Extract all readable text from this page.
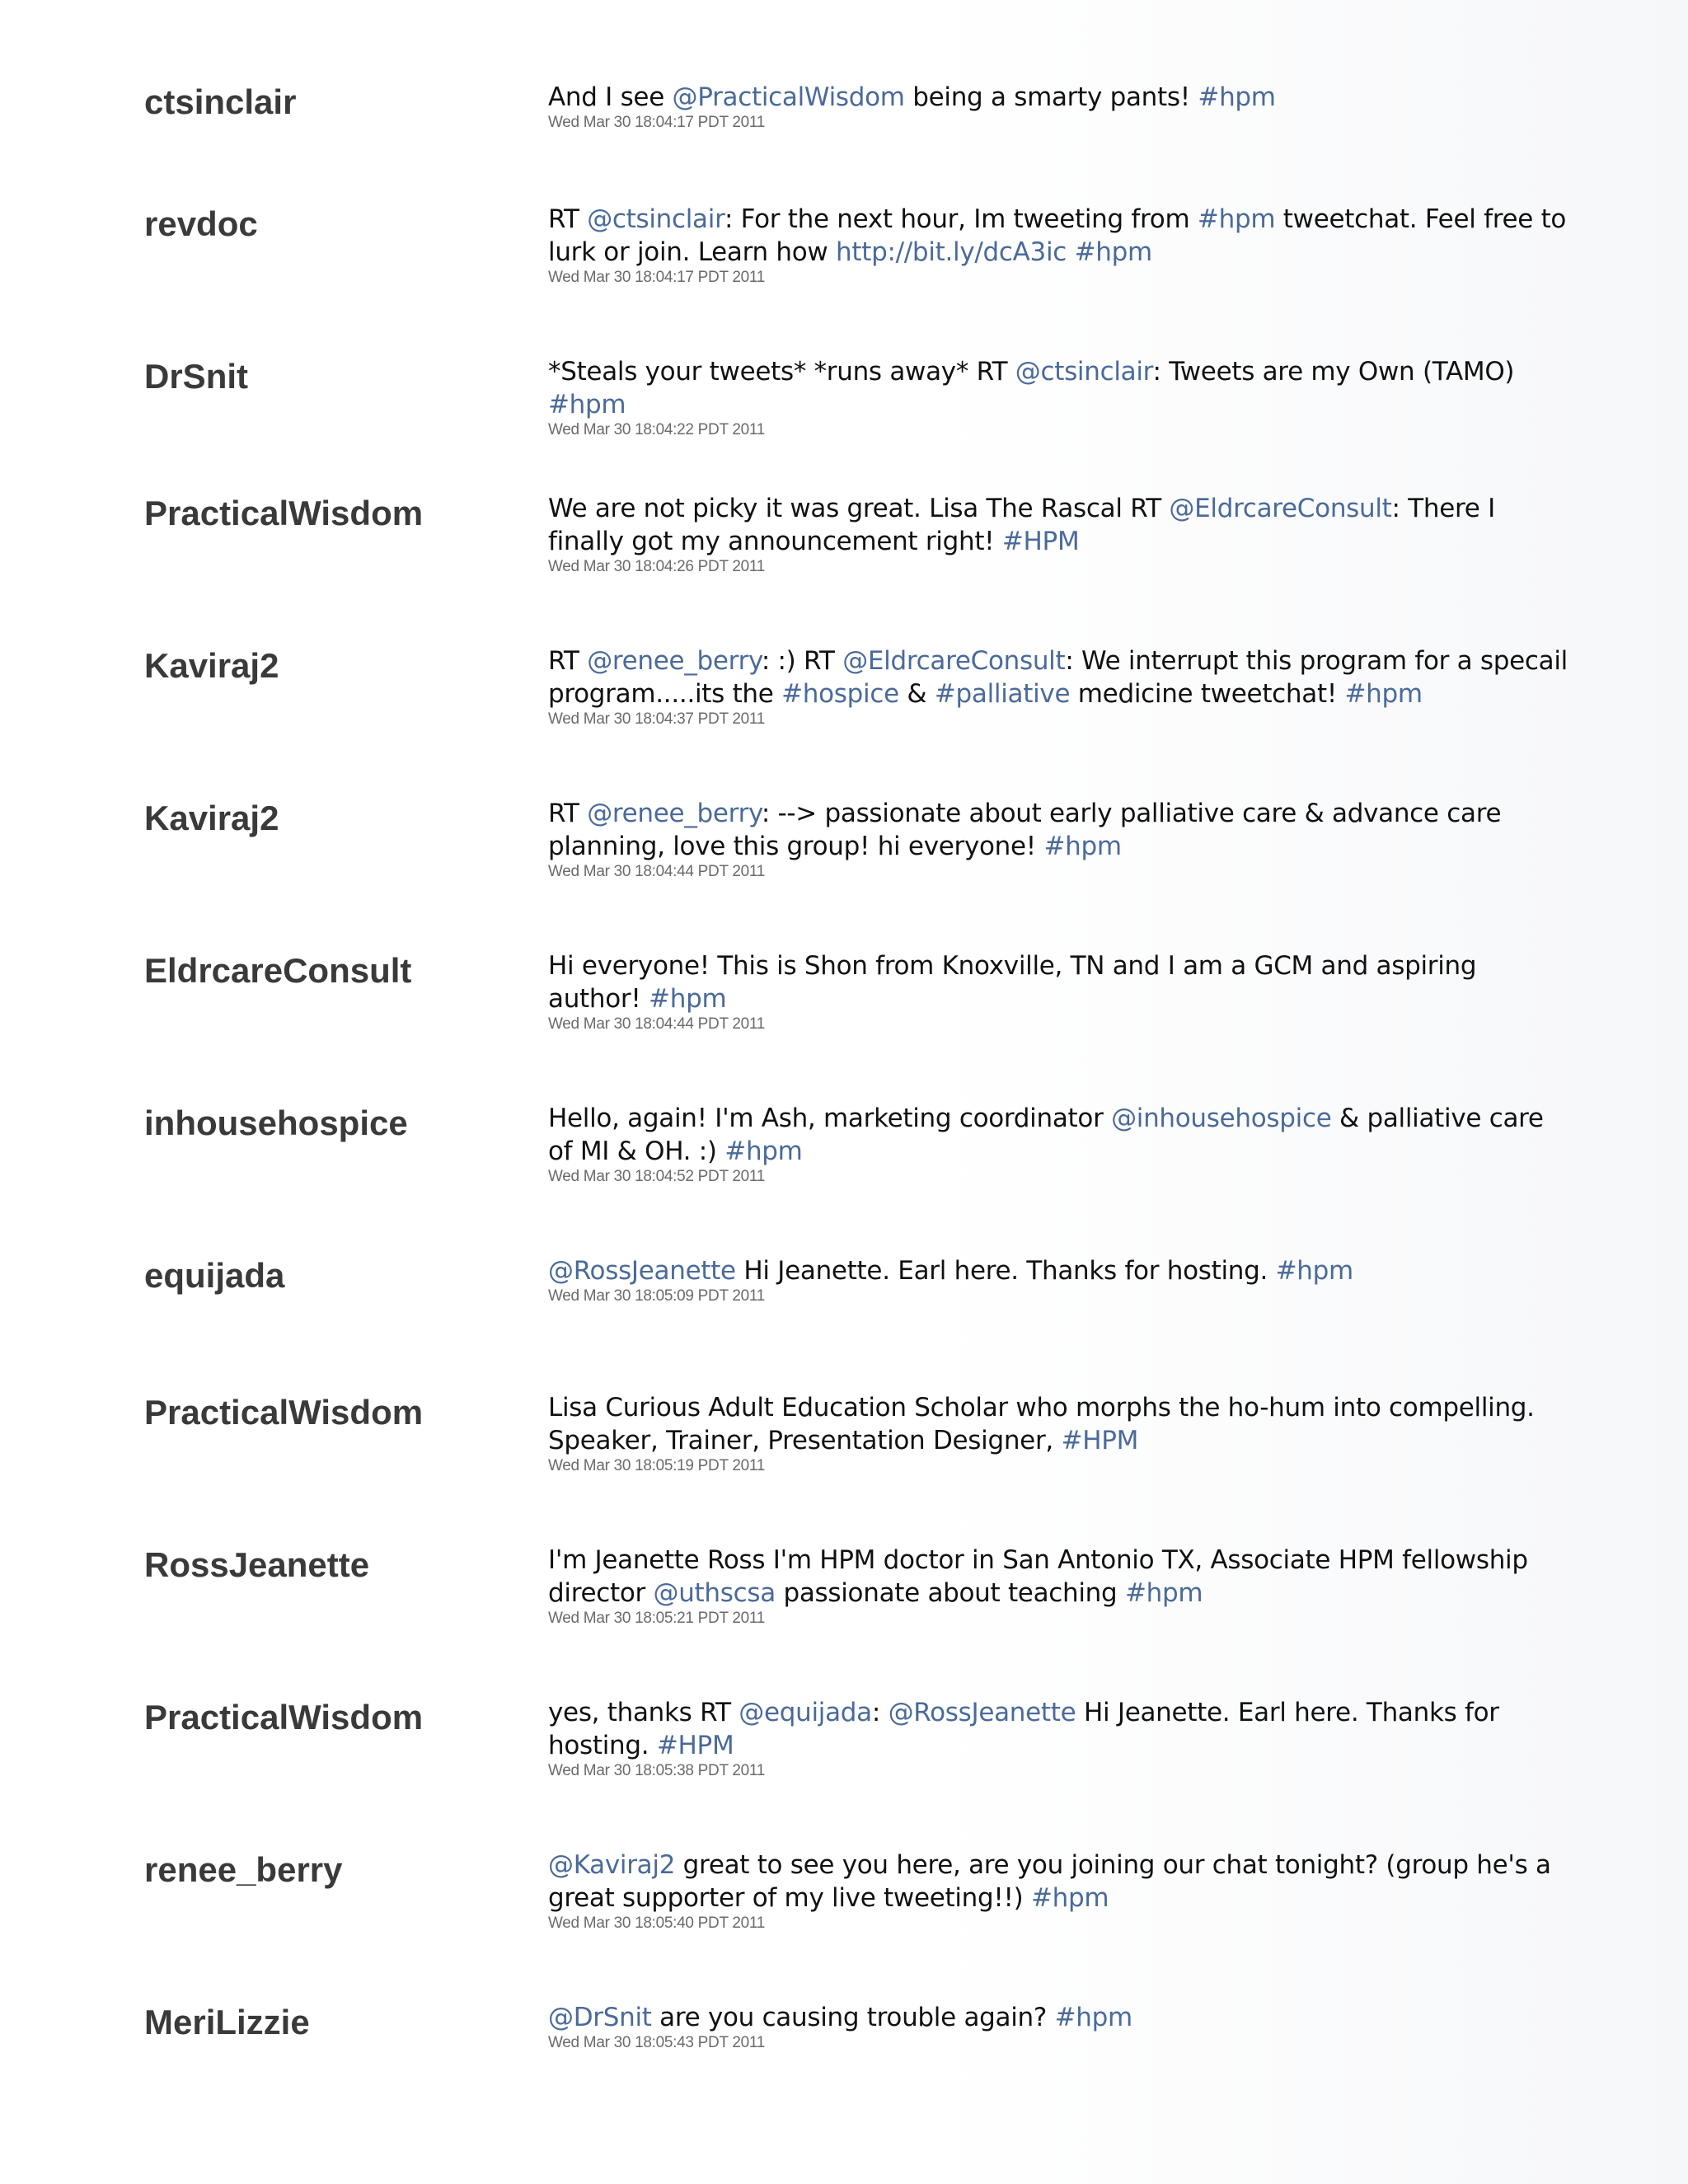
ctsinclair	And I see @PracticalWisdom being a smarty pants! #hpm
Wed Mar 30 18:04:17 PDT 2011
revdoc	RT @ctsinclair: For the next hour, Im tweeting from #hpm tweetchat. Feel free to lurk or join. Learn how http://bit.ly/dcA3ic #hpm
Wed Mar 30 18:04:17 PDT 2011
DrSnit	*Steals your tweets* *runs away* RT @ctsinclair: Tweets are my Own (TAMO) #hpm
Wed Mar 30 18:04:22 PDT 2011
PracticalWisdom	We are not picky it was great. Lisa The Rascal RT @EldrcareConsult: There I finally got my announcement right! #HPM
Wed Mar 30 18:04:26 PDT 2011
Kaviraj2	RT @renee_berry: :) RT @EldrcareConsult: We interrupt this program for a specail program.....its the #hospice & #palliative medicine tweetchat! #hpm
Wed Mar 30 18:04:37 PDT 2011
Kaviraj2	RT @renee_berry: --> passionate about early palliative care & advance care planning, love this group! hi everyone! #hpm
Wed Mar 30 18:04:44 PDT 2011
EldrcareConsult	Hi everyone! This is Shon from Knoxville, TN and I am a GCM and aspiring author! #hpm
Wed Mar 30 18:04:44 PDT 2011
inhousehospice	Hello, again! I'm Ash, marketing coordinator @inhousehospice & palliative care of MI & OH. :) #hpm
Wed Mar 30 18:04:52 PDT 2011
equijada	@RossJeanette Hi Jeanette. Earl here. Thanks for hosting. #hpm
Wed Mar 30 18:05:09 PDT 2011
PracticalWisdom	Lisa Curious Adult Education Scholar who morphs the ho-hum into compelling. Speaker, Trainer, Presentation Designer, #HPM
Wed Mar 30 18:05:19 PDT 2011
RossJeanette	I'm Jeanette Ross I'm HPM doctor in San Antonio TX, Associate HPM fellowship director @uthscsa passionate about teaching #hpm
Wed Mar 30 18:05:21 PDT 2011
PracticalWisdom	yes, thanks RT @equijada: @RossJeanette Hi Jeanette. Earl here. Thanks for hosting. #HPM
Wed Mar 30 18:05:38 PDT 2011
renee_berry	@Kaviraj2 great to see you here, are you joining our chat tonight? (group he's a great supporter of my live tweeting!!) #hpm
Wed Mar 30 18:05:40 PDT 2011
MeriLizzie	@DrSnit are you causing trouble again? #hpm
Wed Mar 30 18:05:43 PDT 2011
